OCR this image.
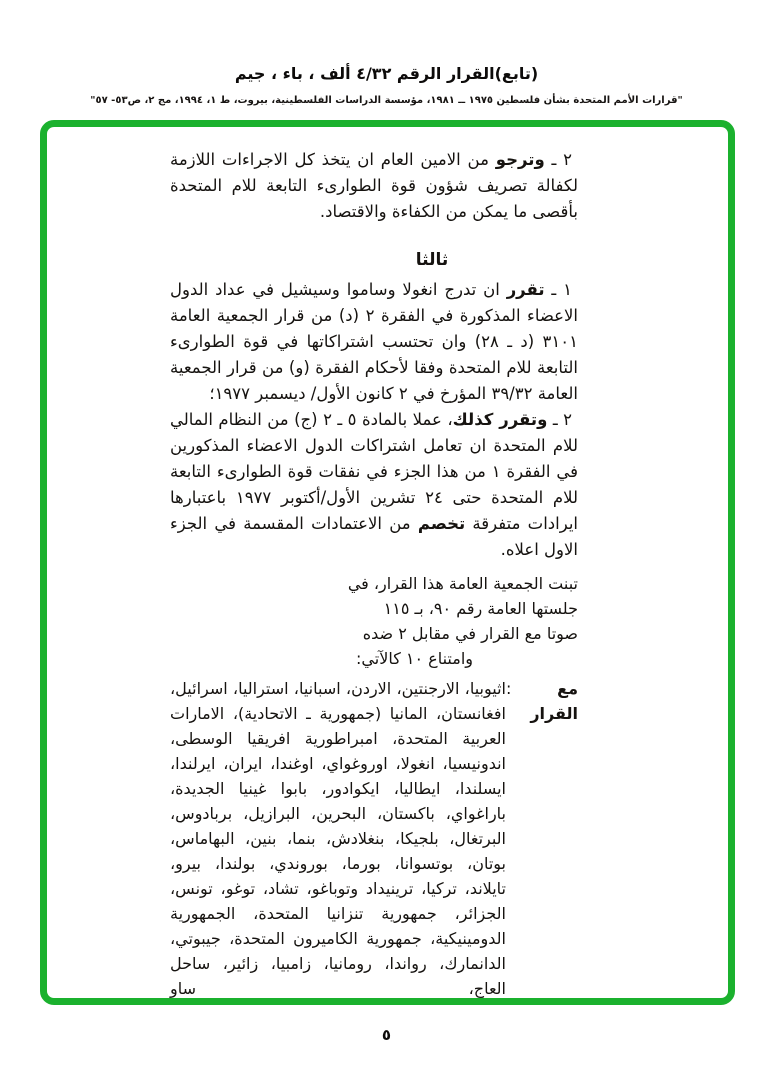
(تابع)القرار الرقم ٤/٣٢ ألف ، باء ، جيم
"قرارات الأمم المتحدة بشأن فلسطين ١٩٧٥ ــ ١٩٨١، مؤسسة الدراسات الفلسطينية، بيروت، ط ١، ١٩٩٤، مج ٢، ص٥٣- ٥٧"

٢ ـ وترجو من الامين العام ان يتخذ كل الاجراءات اللازمة لكفالة تصريف شؤون قوة الطوارىء التابعة للام المتحدة بأقصى ما يمكن من الكفاءة والاقتصاد.

ثالثا

١ ـ تقرر ان تدرج انغولا وساموا وسيشيل في عداد الدول الاعضاء المذكورة في الفقرة ٢ (د) من قرار الجمعية العامة ٣١٠١ (د ـ ٢٨) وان تحتسب اشتراكاتها في قوة الطوارىء التابعة للام المتحدة وفقا لأحكام الفقرة (و) من قرار الجمعية العامة ٣٩/٣٢ المؤرخ في ٢ كانون الأول/ ديسمبر ١٩٧٧؛

٢ ـ وتقرر كذلك، عملا بالمادة ٥ ـ ٢ (ج) من النظام المالي للام المتحدة ان تعامل اشتراكات الدول الاعضاء المذكورين في الفقرة ١ من هذا الجزء في نفقات قوة الطوارىء التابعة للام المتحدة حتى ٢٤ تشرين الأول/أكتوبر ١٩٧٧ باعتبارها ايرادات متفرقة تخصم من الاعتمادات المقسمة في الجزء الاول اعلاه.

تبنت الجمعية العامة هذا القرار، في
جلستها العامة رقم ٩٠، بـ ١١٥
صوتا مع القرار في مقابل ٢ ضده
وامتناع ١٠ كالآتي:
مع القرار
:
اثيوبيا، الارجنتين، الاردن، اسبانيا، استراليا، اسرائيل، افغانستان، المانيا (جمهورية ـ الاتحادية)، الامارات العربية المتحدة، امبراطورية افريقيا الوسطى، اندونيسيا، انغولا، اوروغواي، اوغندا، ايران، ايرلندا، ايسلندا، ايطاليا، ايكوادور، بابوا غينيا الجديدة، باراغواي، باكستان، البحرين، البرازيل، بربادوس، البرتغال، بلجيكا، بنغلادش، بنما، بنين، البهاماس، بوتان، بوتسوانا، بورما، بوروندي، بولندا، بيرو، تايلاند، تركيا، ترينيداد وتوباغو، تشاد، توغو، تونس، الجزائر، جمهورية تنزانيا المتحدة، الجمهورية الدومينيكية، جمهورية الكاميرون المتحدة، جيبوتي، الدانمارك، رواندا، رومانيا، زامبيا، زائير، ساحل العاج، ساو
٥
